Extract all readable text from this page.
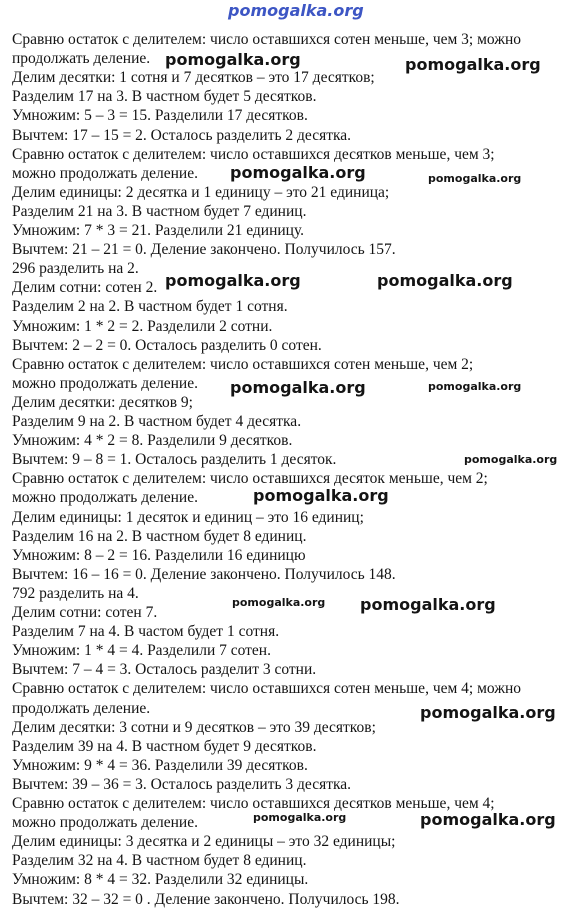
pomogalka.org
Сравню остаток с делителем: число оставшихся сотен меньше, чем 3; можно
продолжать деление.
Делим десятки: 1 сотня и 7 десятков – это 17 десятков;
Разделим 17 на 3. В частном будет 5 десятков.
Умножим: 5 – 3 = 15. Разделили 17 десятков.
Вычтем: 17 – 15 = 2. Осталось разделить 2 десятка.
Сравню остаток с делителем: число оставшихся десятков меньше, чем 3;
можно продолжать деление.
Делим единицы: 2 десятка и 1 единицу – это 21 единица;
Разделим 21 на 3. В частном будет 7 единиц.
Умножим: 7 * 3 = 21. Разделили 21 единицу.
Вычтем: 21 – 21 = 0. Деление закончено. Получилось 157.
296 разделить на 2.
Делим сотни: сотен 2.
Разделим 2 на 2. В частном будет 1 сотня.
Умножим: 1 * 2 = 2. Разделили 2 сотни.
Вычтем: 2 – 2 = 0. Осталось разделить 0 сотен.
Сравню остаток с делителем: число оставшихся сотен меньше, чем 2;
можно продолжать деление.
Делим десятки: десятков 9;
Разделим 9 на 2. В частном будет 4 десятка.
Умножим: 4 * 2 = 8. Разделили 9 десятков.
Вычтем: 9 – 8 = 1. Осталось разделить 1 десяток.
Сравню остаток с делителем: число оставшихся десяток меньше, чем 2;
можно продолжать деление.
Делим единицы: 1 десяток и единиц – это 16 единиц;
Разделим 16 на 2. В частном будет 8 единиц.
Умножим: 8 – 2 = 16. Разделили 16 единицю
Вычтем: 16 – 16 = 0. Деление закончено. Получилось 148.
792 разделить на 4.
Делим сотни: сотен 7.
Разделим 7 на 4. В частом будет 1 сотня.
Умножим: 1 * 4 = 4. Разделили 7 сотен.
Вычтем: 7 – 4 = 3. Осталось разделит 3 сотни.
Сравню остаток с делителем: число оставшихся сотен меньше, чем 4; можно
продолжать деление.
Делим десятки: 3 сотни и 9 десятков – это 39 десятков;
Разделим 39 на 4. В частном будет 9 десятков.
Умножим: 9 * 4 = 36. Разделили 39 десятков.
Вычтем: 39 – 36 = 3. Осталось разделить 3 десятка.
Сравню остаток с делителем: число оставшихся десятков меньше, чем 4;
можно продолжать деление.
Делим единицы: 3 десятка и 2 единицы – это 32 единицы;
Разделим 32 на 4. В частном будет 8 единиц.
Умножим: 8 * 4 = 32. Разделили 32 единицы.
Вычтем: 32 – 32 = 0 . Деление закончено. Получилось 198.
pomogalka.org	pomogalka.org
pomogalka.org	pomogalka.org
pomogalka.org	pomogalka.org
pomogalka.org	pomogalka.org
pomogalka.org
pomogalka.org
pomogalka.org pomogalka.org
pomogalka.org
pomogalka.org	pomogalka.org
